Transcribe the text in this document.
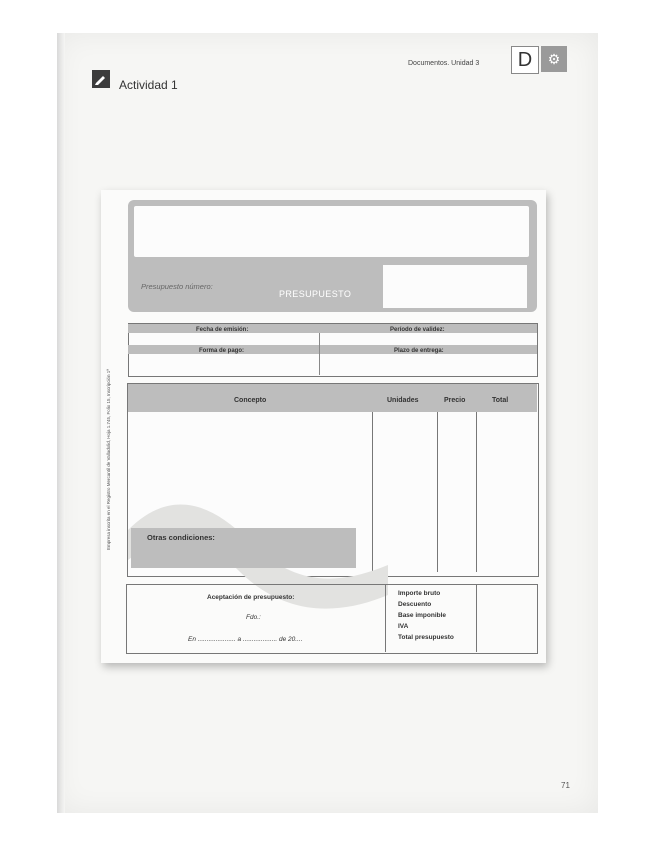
Actividad 1
Documentos. Unidad 3	D	⚙
71
Empresa inscrita en el Registro Mercantil de Valladolid, Hoja 1.745, Folio 15, Inscripción 1ª
Presupuesto número:
PRESUPUESTO
Fecha de emisión:	Período de validez:
Forma de pago:	Plazo de entrega:
Concepto	Unidades	Precio	Total
Otras condiciones:
Aceptación de presupuesto:
Fdo.:
En ..................... a ................... de 20....
Importe bruto
Descuento
Base imponible
IVA
Total presupuesto
